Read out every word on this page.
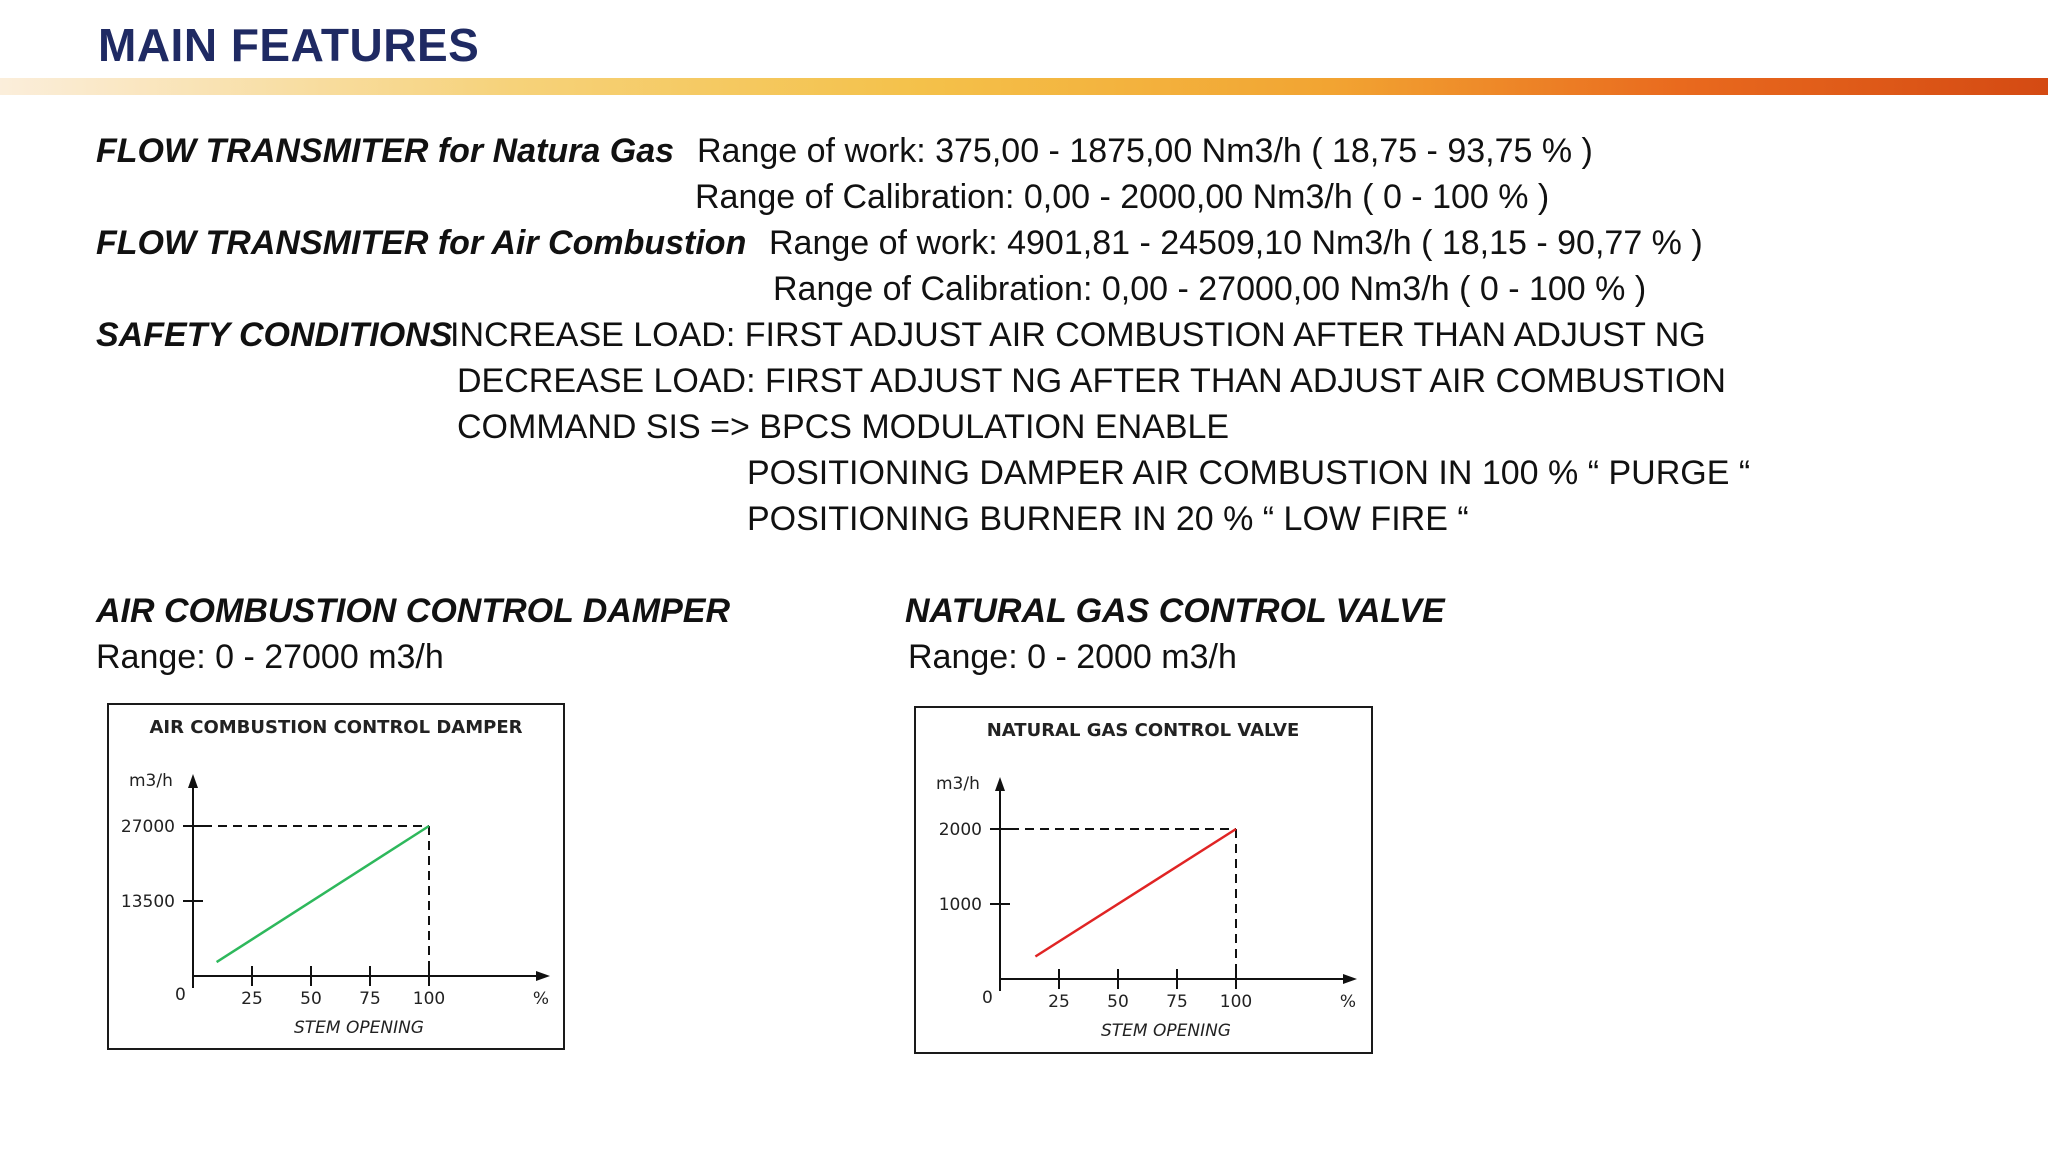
MAIN FEATURES
FLOW TRANSMITER for Natura Gas Range of work: 375,00 - 1875,00 Nm3/h ( 18,75 - 93,75 % )
Range of Calibration: 0,00 - 2000,00 Nm3/h ( 0 - 100 % )
FLOW TRANSMITER for Air Combustion Range of work: 4901,81 - 24509,10 Nm3/h ( 18,15 - 90,77 % )
Range of Calibration: 0,00 - 27000,00 Nm3/h ( 0 - 100 % )
SAFETY CONDITIONS
INCREASE LOAD: FIRST ADJUST AIR COMBUSTION AFTER THAN ADJUST NG
DECREASE LOAD: FIRST ADJUST NG AFTER THAN ADJUST AIR COMBUSTION
COMMAND SIS => BPCS MODULATION ENABLE
POSITIONING DAMPER AIR COMBUSTION IN 100 % “ PURGE “
POSITIONING BURNER IN 20 % “ LOW FIRE “
AIR COMBUSTION CONTROL DAMPER
Range: 0 - 27000 m3/h
NATURAL GAS CONTROL VALVE
Range: 0 - 2000 m3/h
AIR COMBUSTION CONTROL DAMPER
m3/h
0	25 50 75 100	%
13500
27000
STEM OPENING
NATURAL GAS CONTROL VALVE
m3/h
0	25 50 75 100	%
1000
2000
STEM OPENING
